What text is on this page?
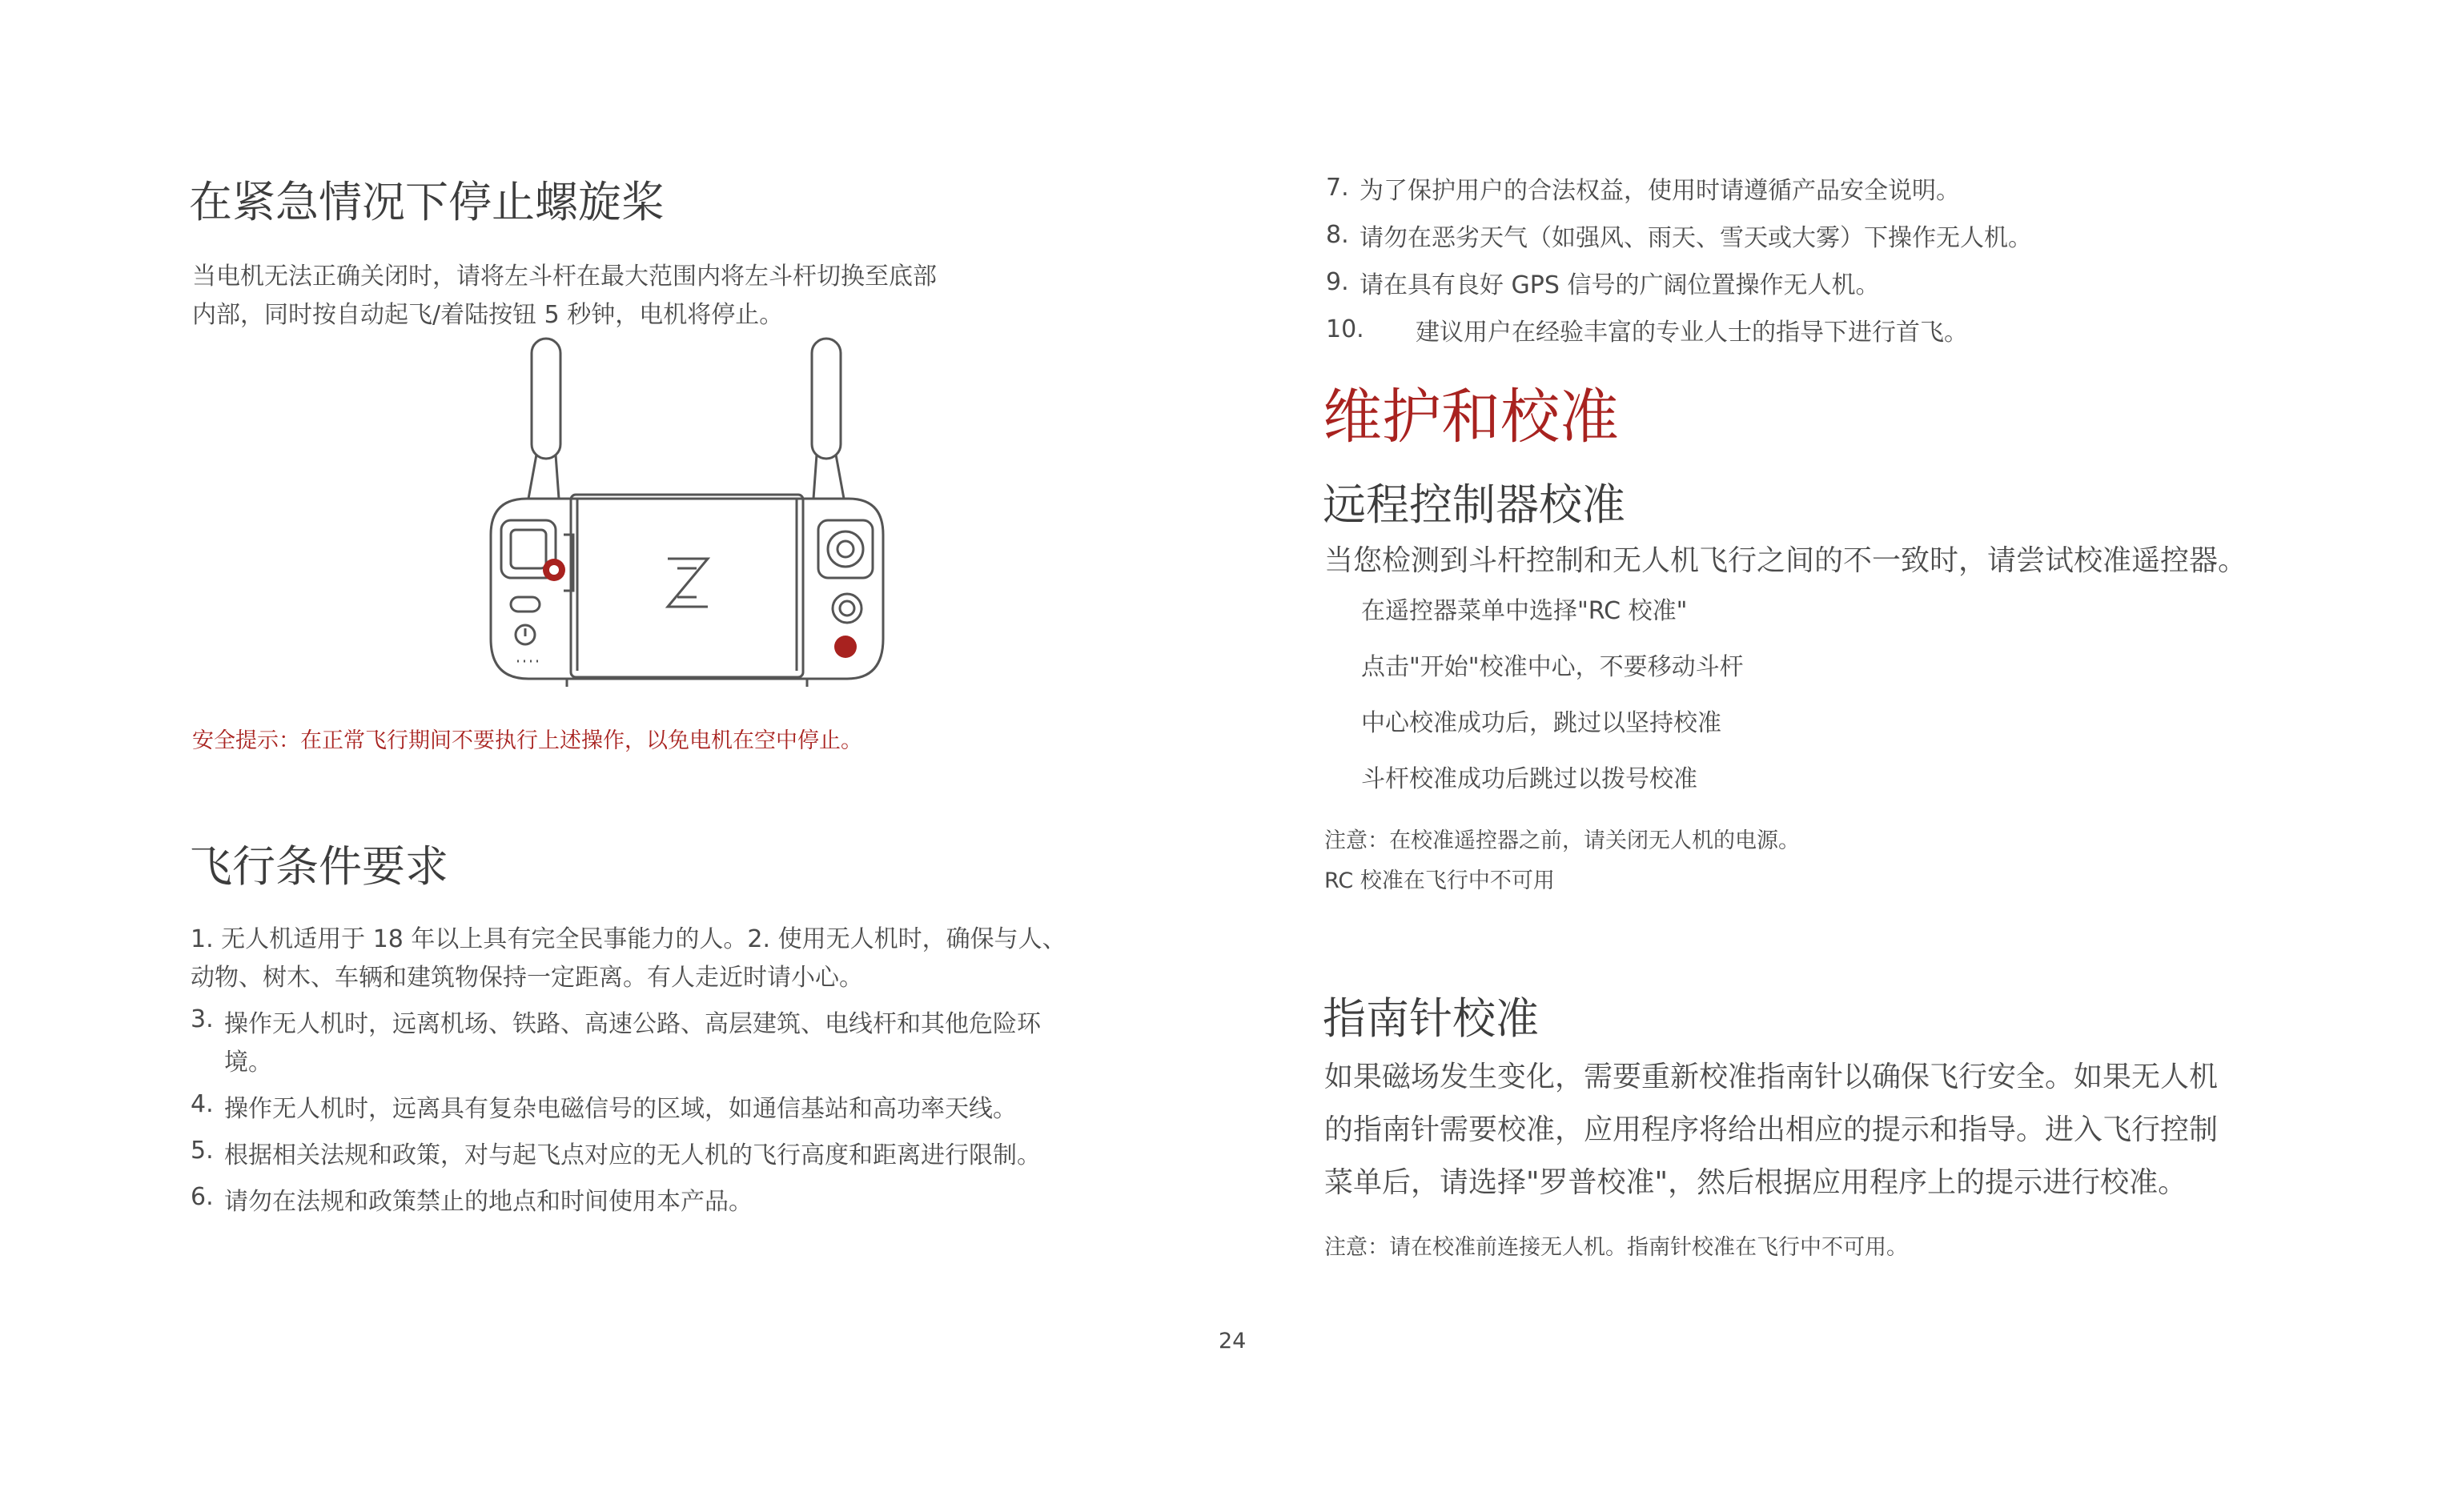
在紧急情况下停止螺旋桨

当电机无法正确关闭时，请将左斗杆在最大范围内将左斗杆切换至底部

内部，同时按自动起飞/着陆按钮 5 秒钟，电机将停止。

安全提示：在正常飞行期间不要执行上述操作，以免电机在空中停止。

飞行条件要求
1. 无人机适用于 18 年以上具有完全民事能力的人。2. 使用无人机时，确保与人、动物、树木、车辆和建筑物保持一定距离。有人走近时请小心。
3. 操作无人机时，远离机场、铁路、高速公路、高层建筑、电线杆和其他危险环境。
4. 操作无人机时，远离具有复杂电磁信号的区域，如通信基站和高功率天线。
5. 根据相关法规和政策，对与起飞点对应的无人机的飞行高度和距离进行限制。
6. 请勿在法规和政策禁止的地点和时间使用本产品。
7. 为了保护用户的合法权益，使用时请遵循产品安全说明。
8. 请勿在恶劣天气（如强风、雨天、雪天或大雾）下操作无人机。
9. 请在具有良好 GPS 信号的广阔位置操作无人机。
10.	建议用户在经验丰富的专业人士的指导下进行首飞。
维护和校准
远程控制器校准

当您检测到斗杆控制和无人机飞行之间的不一致时，请尝试校准遥控器。

在遥控器菜单中选择"RC 校准"
点击"开始"校准中心，不要移动斗杆
中心校准成功后，跳过以坚持校准
斗杆校准成功后跳过以拨号校准

注意：在校准遥控器之前，请关闭无人机的电源。

RC 校准在飞行中不可用

指南针校准

如果磁场发生变化，需要重新校准指南针以确保飞行安全。如果无人机

的指南针需要校准，应用程序将给出相应的提示和指导。进入飞行控制

菜单后，请选择"罗普校准"，然后根据应用程序上的提示进行校准。

注意：请在校准前连接无人机。指南针校准在飞行中不可用。

24
